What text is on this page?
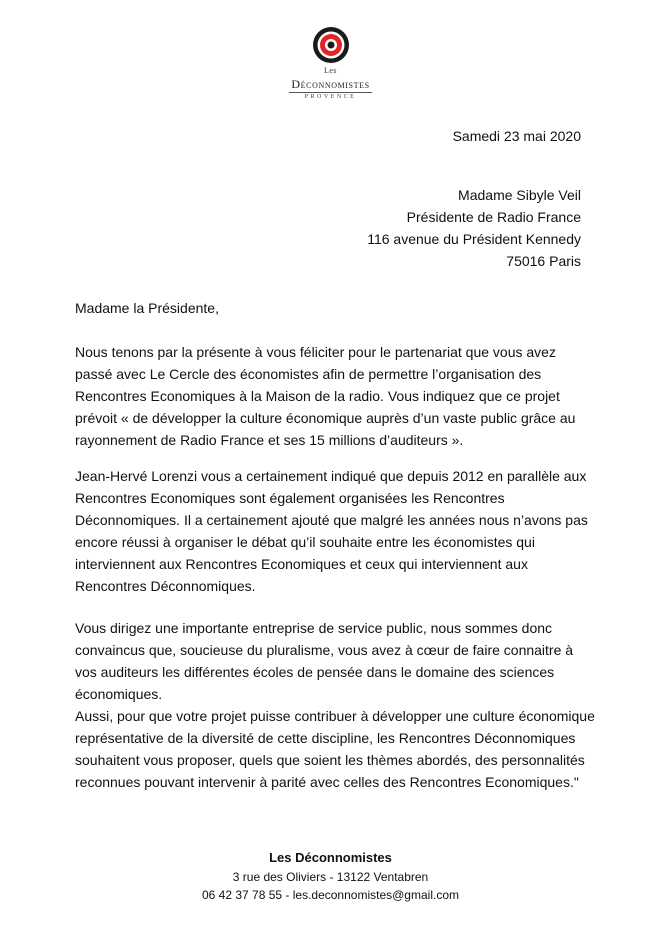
Les
Déconnomistes
PROVENCE
Samedi 23 mai 2020
Madame Sibyle Veil
Présidente de Radio France
116 avenue du Président Kennedy
75016 Paris
Madame la Présidente,

Nous tenons par la présente à vous féliciter pour le partenariat que vous avez passé avec Le Cercle des économistes afin de permettre l’organisation des Rencontres Economiques à la Maison de la radio. Vous indiquez que ce projet prévoit « de développer la culture économique auprès d’un vaste public grâce au rayonnement de Radio France et ses 15 millions d’auditeurs ».

Jean-Hervé Lorenzi vous a certainement indiqué que depuis 2012 en parallèle aux Rencontres Economiques sont également organisées les Rencontres Déconnomiques. Il a certainement ajouté que malgré les années nous n’avons pas encore réussi à organiser le débat qu’il souhaite entre les économistes qui interviennent aux Rencontres Economiques et ceux qui interviennent aux Rencontres Déconnomiques.

Vous dirigez une importante entreprise de service public, nous sommes donc convaincus que, soucieuse du pluralisme, vous avez à cœur de faire connaitre à vos auditeurs les différentes écoles de pensée dans le domaine des sciences économiques.

Aussi, pour que votre projet puisse contribuer à développer une culture économique représentative de la diversité de cette discipline, les Rencontres Déconnomiques souhaitent vous proposer, quels que soient les thèmes abordés, des personnalités reconnues pouvant intervenir à parité avec celles des Rencontres Economiques."

Les Déconnomistes
3 rue des Oliviers - 13122 Ventabren
06 42 37 78 55 - les.deconnomistes@gmail.com
